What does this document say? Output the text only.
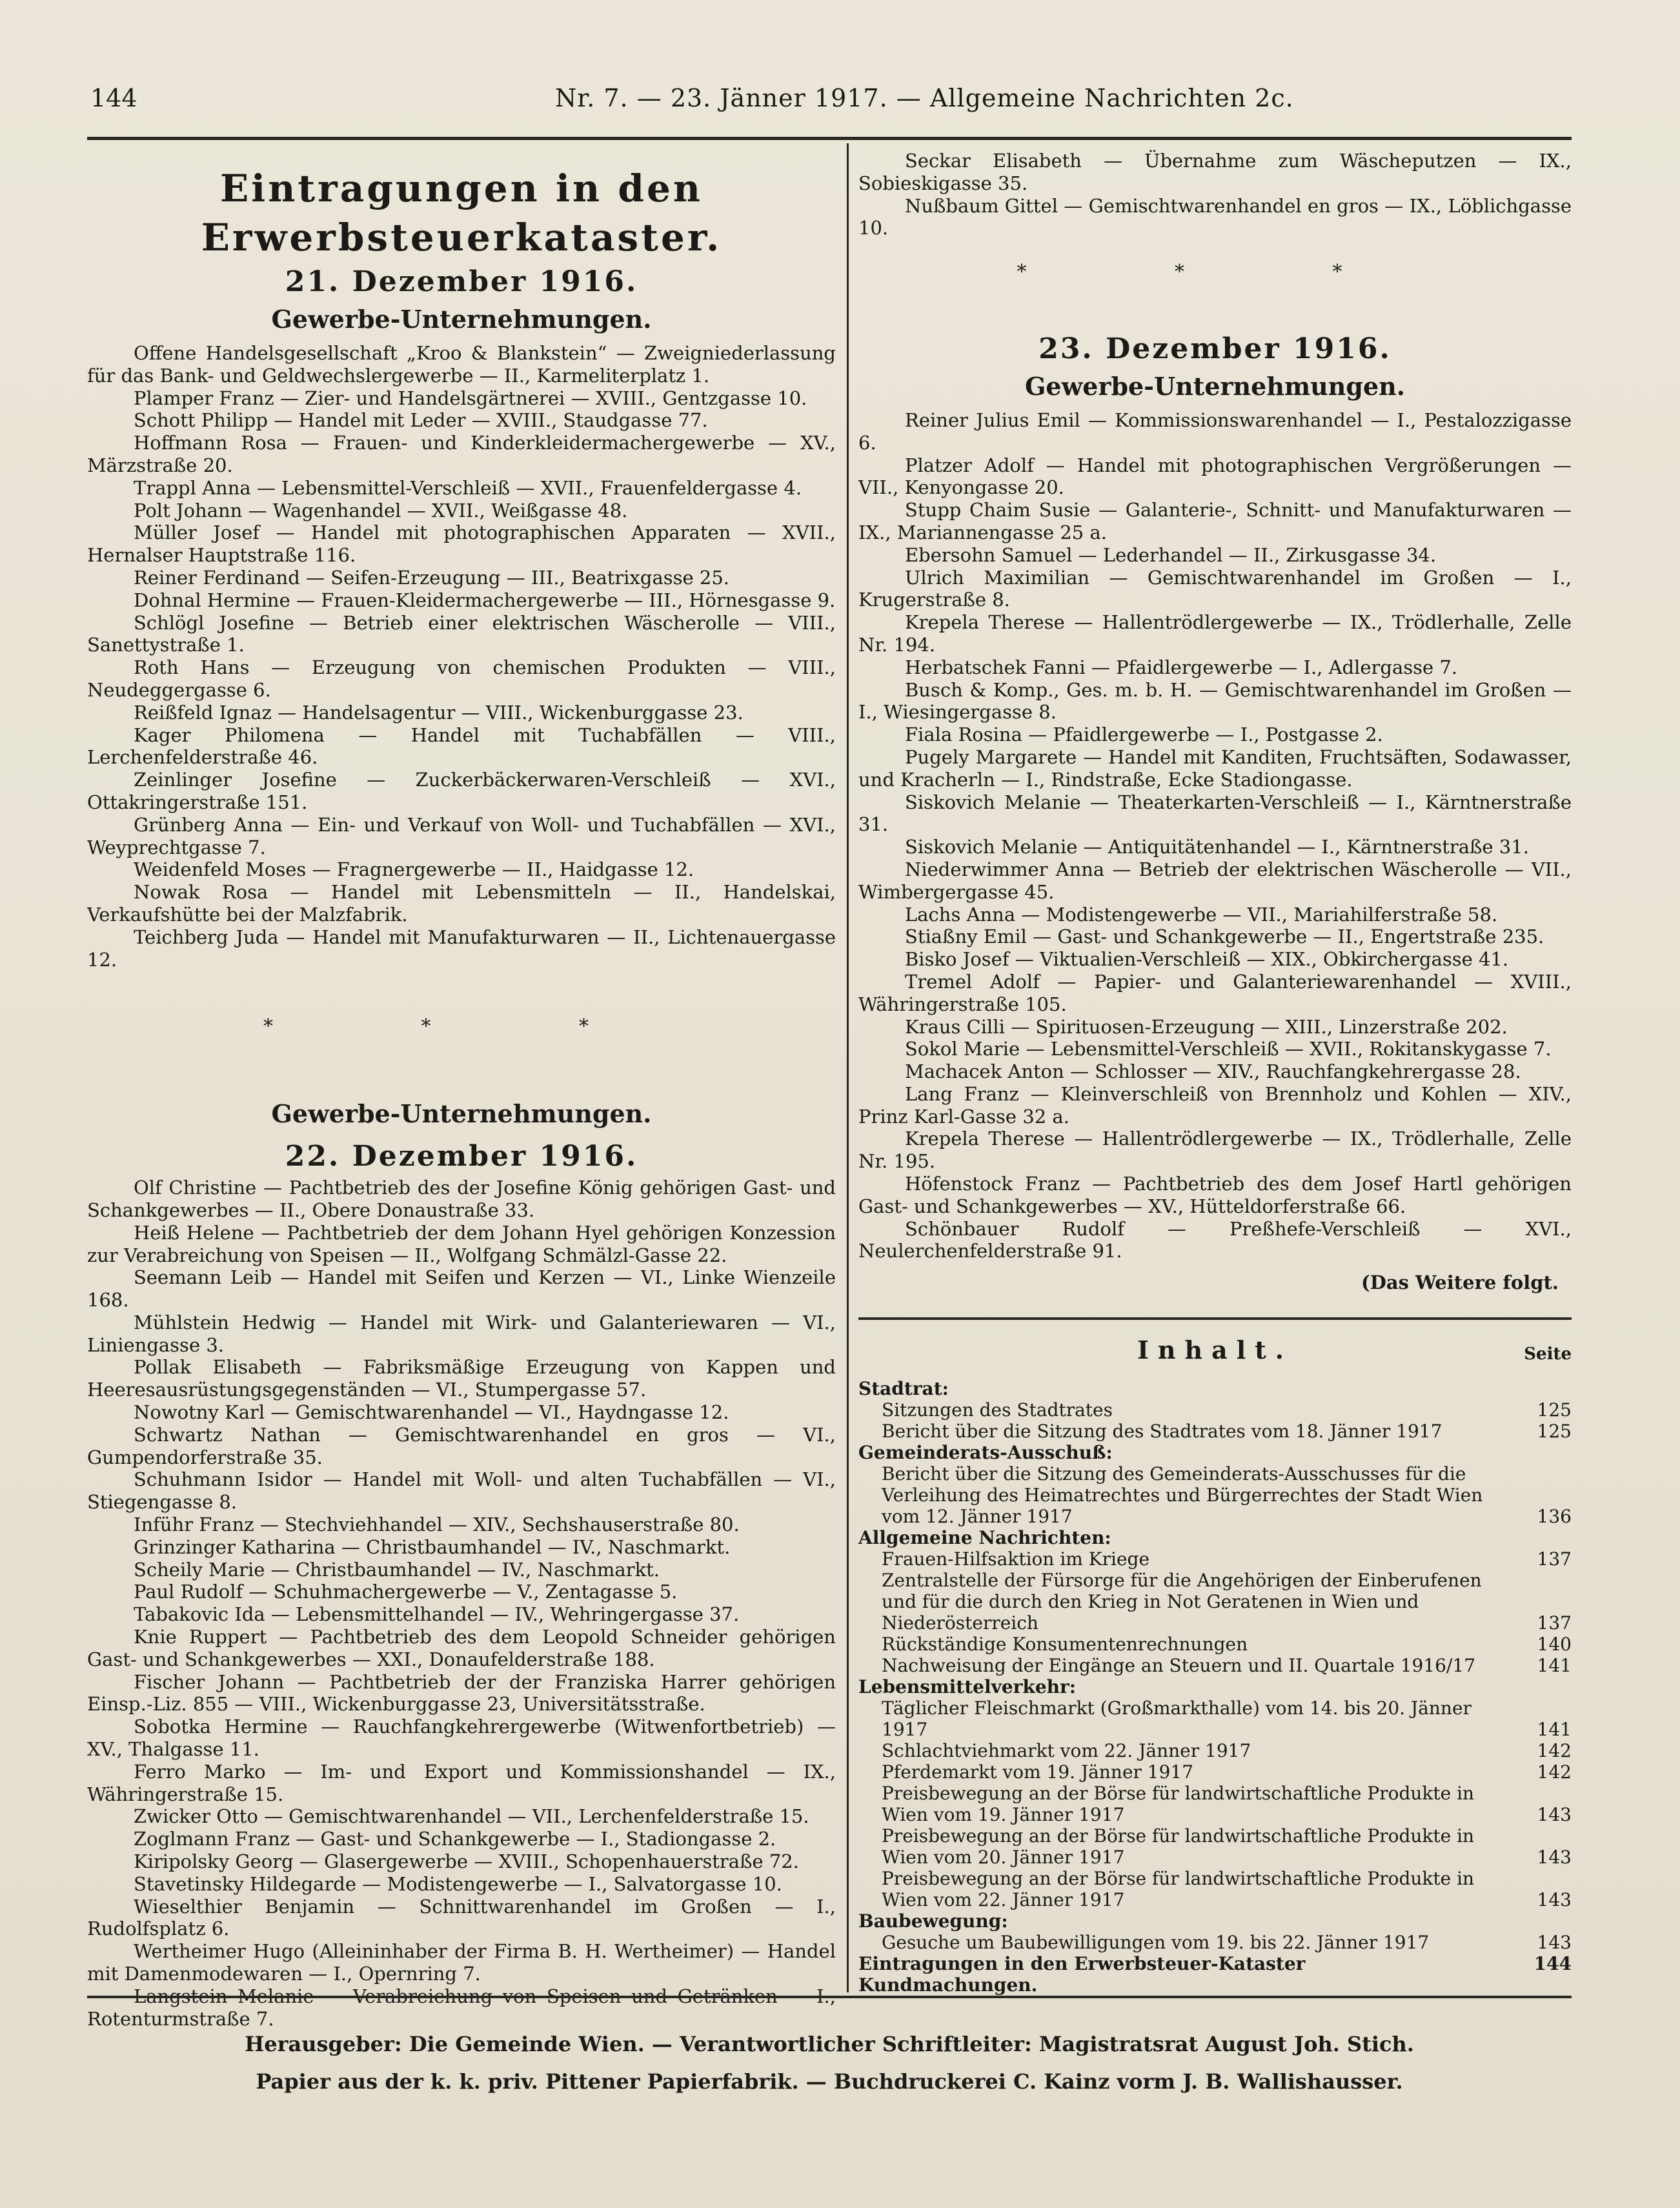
144	Nr. 7. — 23. Jänner 1917. — Allgemeine Nachrichten 2c.
Eintragungen in den Erwerbsteuerkataster.
21. Dezember 1916.
Gewerbe-Unternehmungen.

Offene Handelsgesellschaft „Kroo & Blankstein“ — Zweigniederlassung für das Bank- und Geldwechslergewerbe — II., Karmeliterplatz 1.

Plamper Franz — Zier- und Handelsgärtnerei — XVIII., Gentzgasse 10.

Schott Philipp — Handel mit Leder — XVIII., Staudgasse 77.

Hoffmann Rosa — Frauen- und Kinderkleidermachergewerbe — XV., Märzstraße 20.

Trappl Anna — Lebensmittel-Verschleiß — XVII., Frauenfeldergasse 4.

Polt Johann — Wagenhandel — XVII., Weißgasse 48.

Müller Josef — Handel mit photographischen Apparaten — XVII., Hernalser Hauptstraße 116.

Reiner Ferdinand — Seifen-Erzeugung — III., Beatrixgasse 25.

Dohnal Hermine — Frauen-Kleidermachergewerbe — III., Hörnesgasse 9.

Schlögl Josefine — Betrieb einer elektrischen Wäscherolle — VIII., Sanettystraße 1.

Roth Hans — Erzeugung von chemischen Produkten — VIII., Neudeggergasse 6.

Reißfeld Ignaz — Handelsagentur — VIII., Wickenburggasse 23.

Kager Philomena — Handel mit Tuchabfällen — VIII., Lerchenfelderstraße 46.

Zeinlinger Josefine — Zuckerbäckerwaren-Verschleiß — XVI., Ottakringerstraße 151.

Grünberg Anna — Ein- und Verkauf von Woll- und Tuchabfällen — XVI., Weyprechtgasse 7.

Weidenfeld Moses — Fragnergewerbe — II., Haidgasse 12.

Nowak Rosa — Handel mit Lebensmitteln — II., Handelskai, Verkaufshütte bei der Malzfabrik.

Teichberg Juda — Handel mit Manufakturwaren — II., Lichtenauergasse 12.

* * *
Gewerbe-Unternehmungen.
22. Dezember 1916.

Olf Christine — Pachtbetrieb des der Josefine König gehörigen Gast- und Schankgewerbes — II., Obere Donaustraße 33.

Heiß Helene — Pachtbetrieb der dem Johann Hyel gehörigen Konzession zur Verabreichung von Speisen — II., Wolfgang Schmälzl-Gasse 22.

Seemann Leib — Handel mit Seifen und Kerzen — VI., Linke Wienzeile 168.

Mühlstein Hedwig — Handel mit Wirk- und Galanteriewaren — VI., Liniengasse 3.

Pollak Elisabeth — Fabriksmäßige Erzeugung von Kappen und Heeresausrüstungsgegenständen — VI., Stumpergasse 57.

Nowotny Karl — Gemischtwarenhandel — VI., Haydngasse 12.

Schwartz Nathan — Gemischtwarenhandel en gros — VI., Gumpendorferstraße 35.

Schuhmann Isidor — Handel mit Woll- und alten Tuchabfällen — VI., Stiegengasse 8.

Inführ Franz — Stechviehhandel — XIV., Sechshauserstraße 80.

Grinzinger Katharina — Christbaumhandel — IV., Naschmarkt.

Scheily Marie — Christbaumhandel — IV., Naschmarkt.

Paul Rudolf — Schuhmachergewerbe — V., Zentagasse 5.

Tabakovic Ida — Lebensmittelhandel — IV., Wehringergasse 37.

Knie Ruppert — Pachtbetrieb des dem Leopold Schneider gehörigen Gast- und Schankgewerbes — XXI., Donaufelderstraße 188.

Fischer Johann — Pachtbetrieb der der Franziska Harrer gehörigen Einsp.-Liz. 855 — VIII., Wickenburggasse 23, Universitätsstraße.

Sobotka Hermine — Rauchfangkehrergewerbe (Witwenfortbetrieb) — XV., Thalgasse 11.

Ferro Marko — Im- und Export und Kommissionshandel — IX., Währingerstraße 15.

Zwicker Otto — Gemischtwarenhandel — VII., Lerchenfelderstraße 15.

Zoglmann Franz — Gast- und Schankgewerbe — I., Stadiongasse 2.

Kiripolsky Georg — Glasergewerbe — XVIII., Schopenhauerstraße 72.

Stavetinsky Hildegarde — Modistengewerbe — I., Salvatorgasse 10.

Wieselthier Benjamin — Schnittwarenhandel im Großen — I., Rudolfsplatz 6.

Wertheimer Hugo (Alleininhaber der Firma B. H. Wertheimer) — Handel mit Damenmodewaren — I., Opernring 7.

Langstein Melanie — Verabreichung von Speisen und Getränken — I., Rotenturmstraße 7.

Seckar Elisabeth — Übernahme zum Wäscheputzen — IX., Sobieskigasse 35.

Nußbaum Gittel — Gemischtwarenhandel en gros — IX., Löblichgasse 10.

* * *
23. Dezember 1916.
Gewerbe-Unternehmungen.

Reiner Julius Emil — Kommissionswarenhandel — I., Pestalozzigasse 6.

Platzer Adolf — Handel mit photographischen Vergrößerungen — VII., Kenyongasse 20.

Stupp Chaim Susie — Galanterie-, Schnitt- und Manufakturwaren — IX., Mariannengasse 25 a.

Ebersohn Samuel — Lederhandel — II., Zirkusgasse 34.

Ulrich Maximilian — Gemischtwarenhandel im Großen — I., Krugerstraße 8.

Krepela Therese — Hallentrödlergewerbe — IX., Trödlerhalle, Zelle Nr. 194.

Herbatschek Fanni — Pfaidlergewerbe — I., Adlergasse 7.

Busch & Komp., Ges. m. b. H. — Gemischtwarenhandel im Großen — I., Wiesingergasse 8.

Fiala Rosina — Pfaidlergewerbe — I., Postgasse 2.

Pugely Margarete — Handel mit Kanditen, Fruchtsäften, Sodawasser, und Kracherln — I., Rindstraße, Ecke Stadiongasse.

Siskovich Melanie — Theaterkarten-Verschleiß — I., Kärntnerstraße 31.

Siskovich Melanie — Antiquitätenhandel — I., Kärntnerstraße 31.

Niederwimmer Anna — Betrieb der elektrischen Wäscherolle — VII., Wimbergergasse 45.

Lachs Anna — Modistengewerbe — VII., Mariahilferstraße 58.

Stiaßny Emil — Gast- und Schankgewerbe — II., Engertstraße 235.

Bisko Josef — Viktualien-Verschleiß — XIX., Obkirchergasse 41.

Tremel Adolf — Papier- und Galanteriewarenhandel — XVIII., Währingerstraße 105.

Kraus Cilli — Spirituosen-Erzeugung — XIII., Linzerstraße 202.

Sokol Marie — Lebensmittel-Verschleiß — XVII., Rokitanskygasse 7.

Machacek Anton — Schlosser — XIV., Rauchfangkehrergasse 28.

Lang Franz — Kleinverschleiß von Brennholz und Kohlen — XIV., Prinz Karl-Gasse 32 a.

Krepela Therese — Hallentrödlergewerbe — IX., Trödlerhalle, Zelle Nr. 195.

Höfenstock Franz — Pachtbetrieb des dem Josef Hartl gehörigen Gast- und Schankgewerbes — XV., Hütteldorferstraße 66.

Schönbauer Rudolf — Preßhefe-Verschleiß — XVI., Neulerchenfelderstraße 91.

(Das Weitere folgt.
Inhalt.	Seite
Stadtrat:
Sitzungen des Stadtrates	125
Bericht über die Sitzung des Stadtrates vom 18. Jänner 1917	125
Gemeinderats-Ausschuß:
Bericht über die Sitzung des Gemeinderats-Ausschusses für die Verleihung des Heimatrechtes und Bürgerrechtes der Stadt Wien vom 12. Jänner 1917	136
Allgemeine Nachrichten:
Frauen-Hilfsaktion im Kriege	137
Zentralstelle der Fürsorge für die Angehörigen der Einberufenen und für die durch den Krieg in Not Geratenen in Wien und Niederösterreich	137
Rückständige Konsumentenrechnungen	140
Nachweisung der Eingänge an Steuern und II. Quartale 1916/17	141
Lebensmittelverkehr:
Täglicher Fleischmarkt (Großmarkthalle) vom 14. bis 20. Jänner 1917	141
Schlachtviehmarkt vom 22. Jänner 1917	142
Pferdemarkt vom 19. Jänner 1917	142
Preisbewegung an der Börse für landwirtschaftliche Produkte in Wien vom 19. Jänner 1917	143
Preisbewegung an der Börse für landwirtschaftliche Produkte in Wien vom 20. Jänner 1917	143
Preisbewegung an der Börse für landwirtschaftliche Produkte in Wien vom 22. Jänner 1917	143
Baubewegung:
Gesuche um Baubewilligungen vom 19. bis 22. Jänner 1917	143
Eintragungen in den Erwerbsteuer-Kataster	144
Kundmachungen.
Herausgeber: Die Gemeinde Wien. — Verantwortlicher Schriftleiter: Magistratsrat August Joh. Stich.
Papier aus der k. k. priv. Pittener Papierfabrik. — Buchdruckerei C. Kainz vorm J. B. Wallishausser.
